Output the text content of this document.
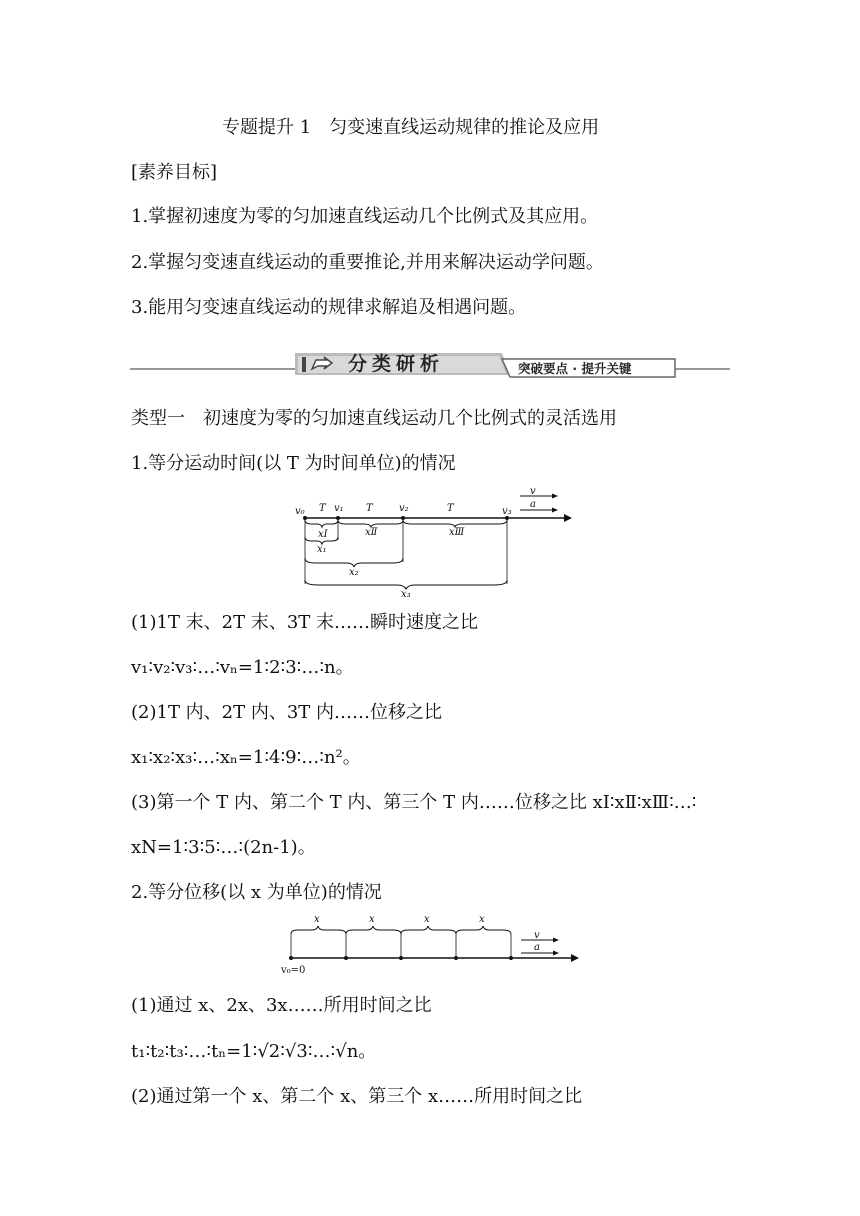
专题提升 1　匀变速直线运动规律的推论及应用
[素养目标]
1.掌握初速度为零的匀加速直线运动几个比例式及其应用。
2.掌握匀变速直线运动的重要推论,并用来解决运动学问题。
3.能用匀变速直线运动的规律求解追及相遇问题。
分类研析	突破要点 · 提升关键
类型一　初速度为零的匀加速直线运动几个比例式的灵活选用
1.等分运动时间(以 T 为时间单位)的情况
v
a
v₀	v₁	v₂	v₃
T	T	T
xⅠ	xⅡ	xⅢ
x₁
x₂
x₃
(1)1T 末、2T 末、3T 末……瞬时速度之比
v₁∶v₂∶v₃∶…∶vₙ=1∶2∶3∶…∶n。
(2)1T 内、2T 内、3T 内……位移之比
x₁∶x₂∶x₃∶…∶xₙ=1∶4∶9∶…∶n²。
(3)第一个 T 内、第二个 T 内、第三个 T 内……位移之比 xⅠ∶xⅡ∶xⅢ∶…∶
xN=1∶3∶5∶…∶(2n-1)。
2.等分位移(以 x 为单位)的情况
v
a
x	x	x	x
v₀=0
(1)通过 x、2x、3x……所用时间之比
t₁∶t₂∶t₃∶…∶tₙ=1∶√2∶√3∶…∶√n。
(2)通过第一个 x、第二个 x、第三个 x……所用时间之比
